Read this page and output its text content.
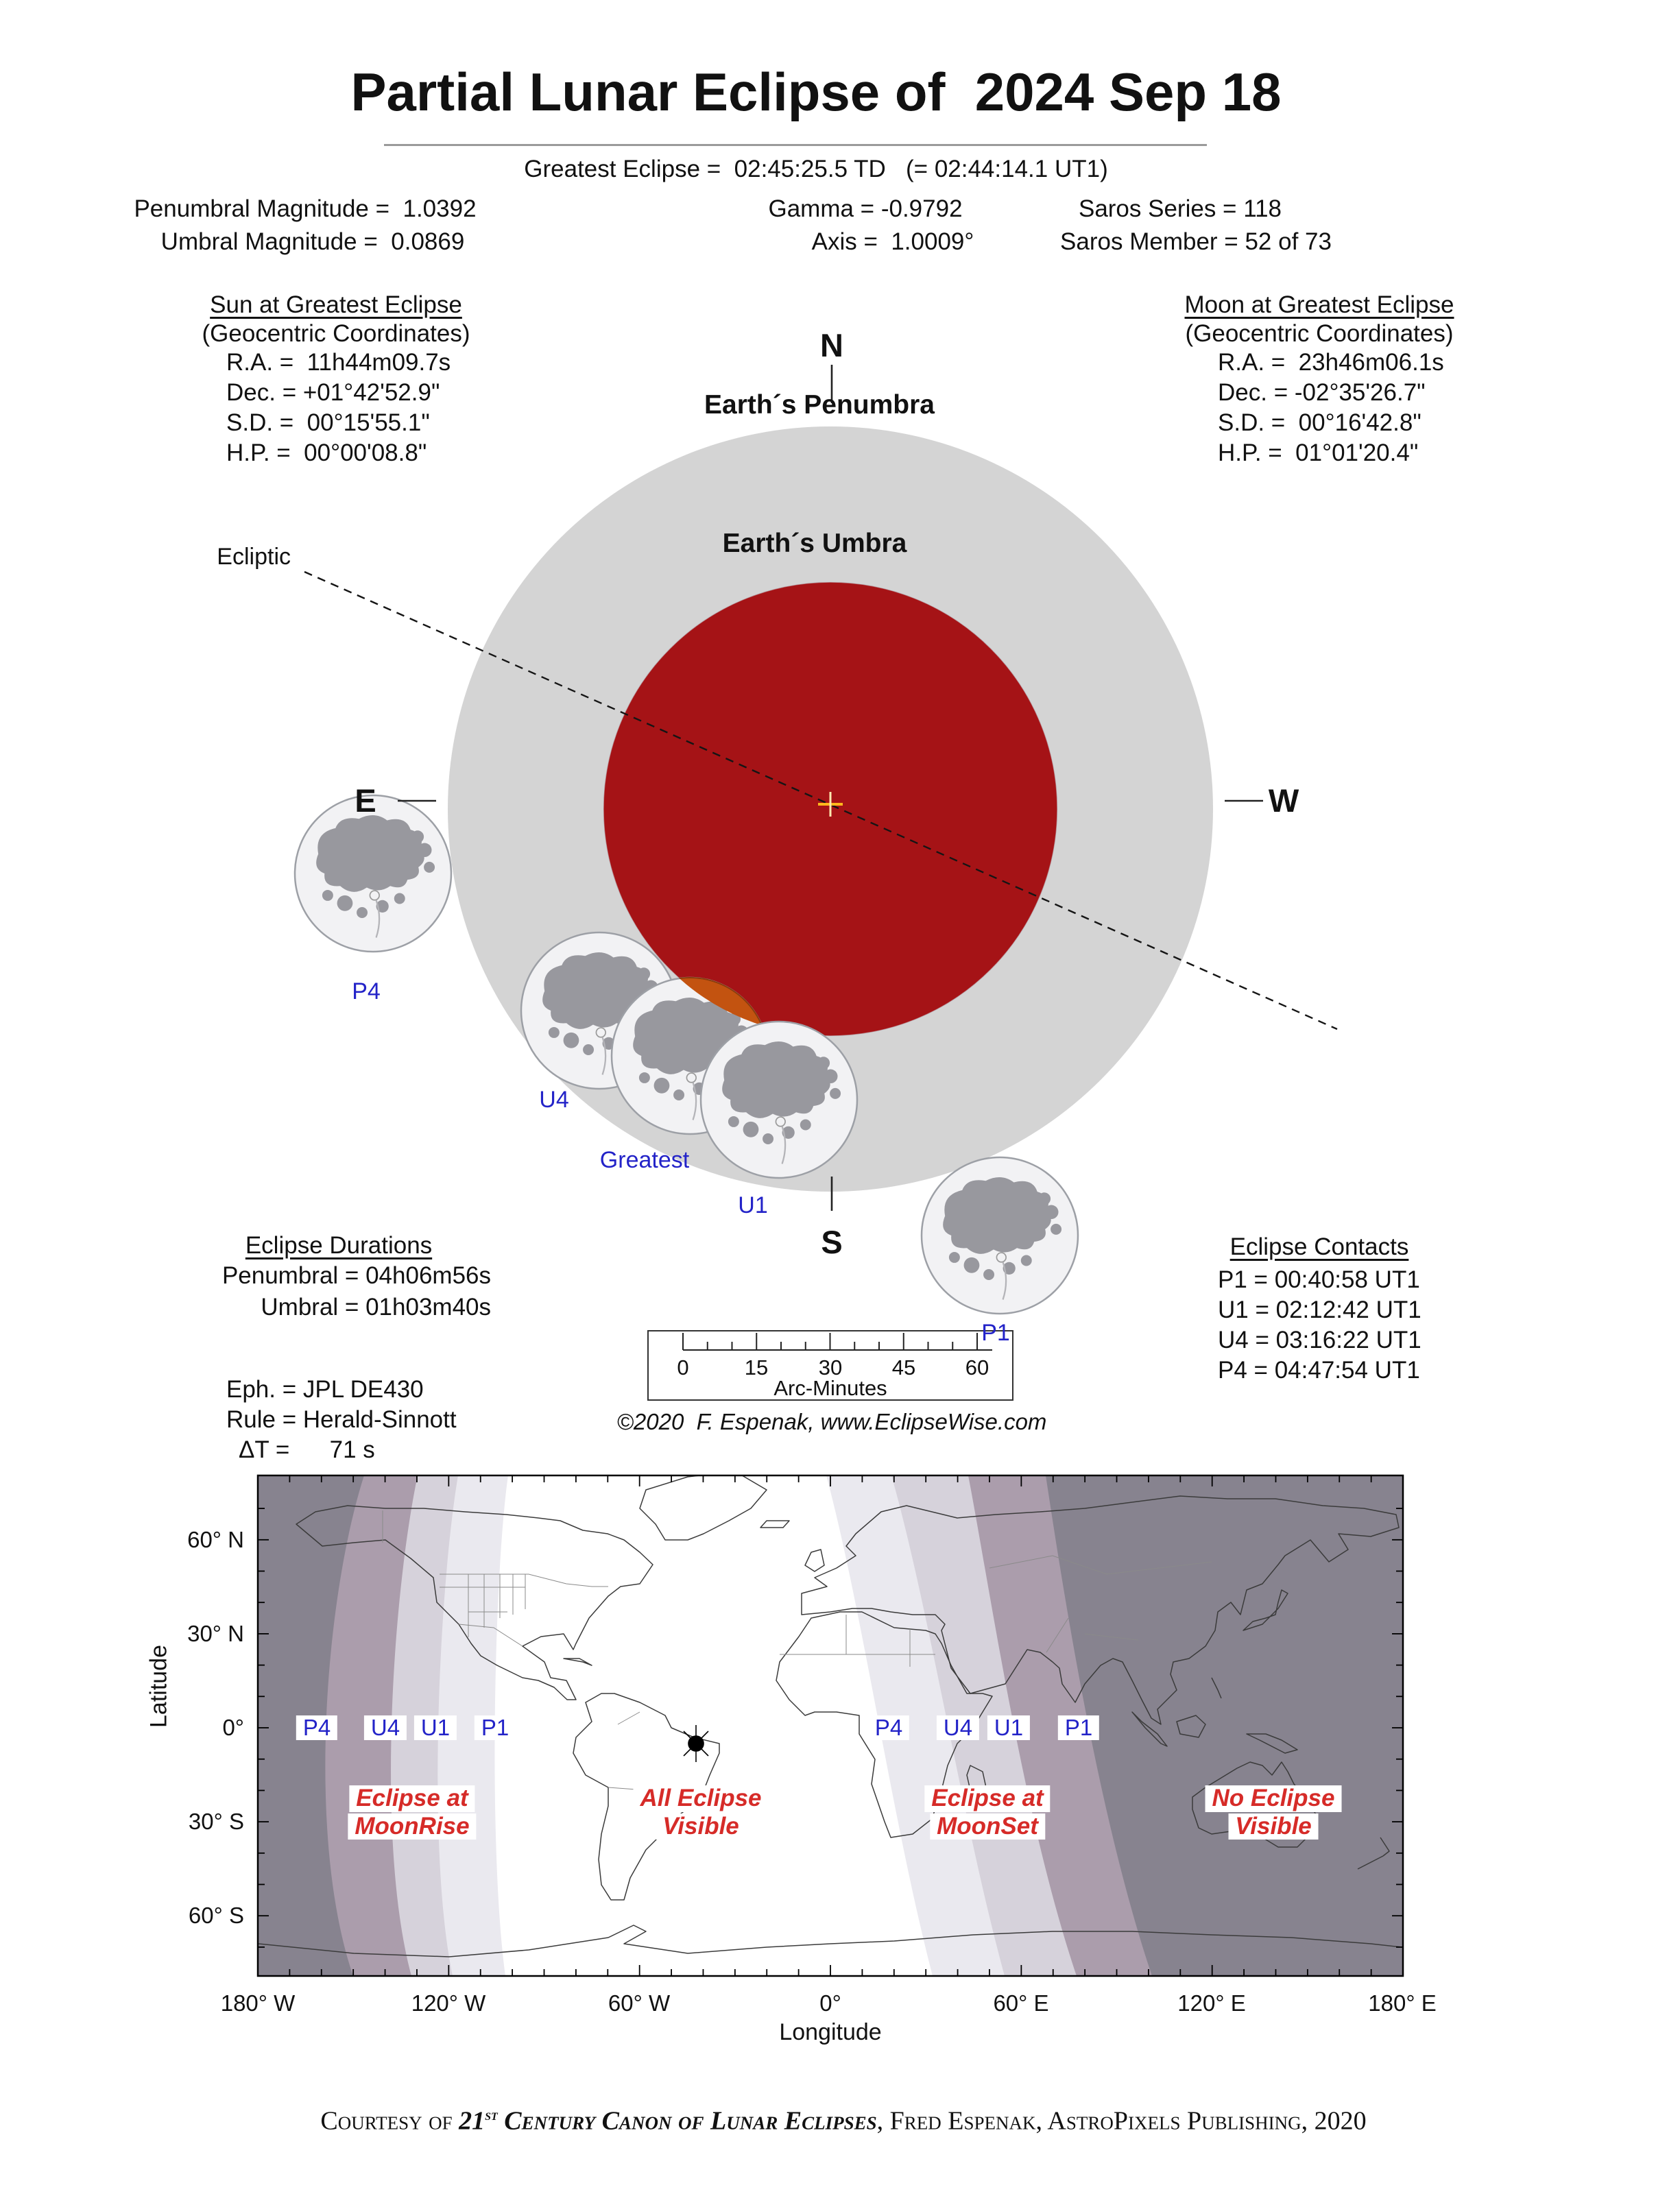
Partial Lunar Eclipse of  2024 Sep 18
Greatest Eclipse =  02:45:25.5 TD   (= 02:44:14.1 UT1)
Penumbral Magnitude =  1.0392	Gamma = -0.9792	Saros Series = 118
Umbral Magnitude =  0.0869	Axis =  1.0009°	Saros Member = 52 of 73
Sun at Greatest Eclipse
(Geocentric Coordinates)
R.A. =  11h44m09.7s
Dec. = +01°42'52.9"
S.D. =  00°15'55.1"
H.P. =  00°00'08.8"
Moon at Greatest Eclipse
(Geocentric Coordinates)
R.A. =  23h46m06.1s
Dec. = -02°35'26.7"
S.D. =  00°16'42.8"
H.P. =  01°01'20.4"
N
Earth´s Penumbra
Earth´s Umbra
Ecliptic
E	W
S
P4
U4
Greatest
U1
P1
Eclipse Durations
Penumbral = 04h06m56s
Umbral = 01h03m40s
Eclipse Contacts
P1 = 00:40:58 UT1
U1 = 02:12:42 UT1
U4 = 03:16:22 UT1
P4 = 04:47:54 UT1
Eph. = JPL DE430
Rule = Herald-Sinnott
ΔT =      71 s
0	15 30 45 60
Arc-Minutes
©2020  F. Espenak, www.EclipseWise.com
60° N
30° N
0°
30° S
60° S
180° W	120° W	60° W	0°	60° E	120° E	180° E
Latitude
Longitude
P4	U4 U1	P1	P4	U4 U1	P1
Eclipse at
MoonRise
All Eclipse
Visible
Eclipse at
MoonSet
No Eclipse
Visible

Courtesy of 21st Century Canon of Lunar Eclipses, Fred Espenak, AstroPixels Publishing, 2020
